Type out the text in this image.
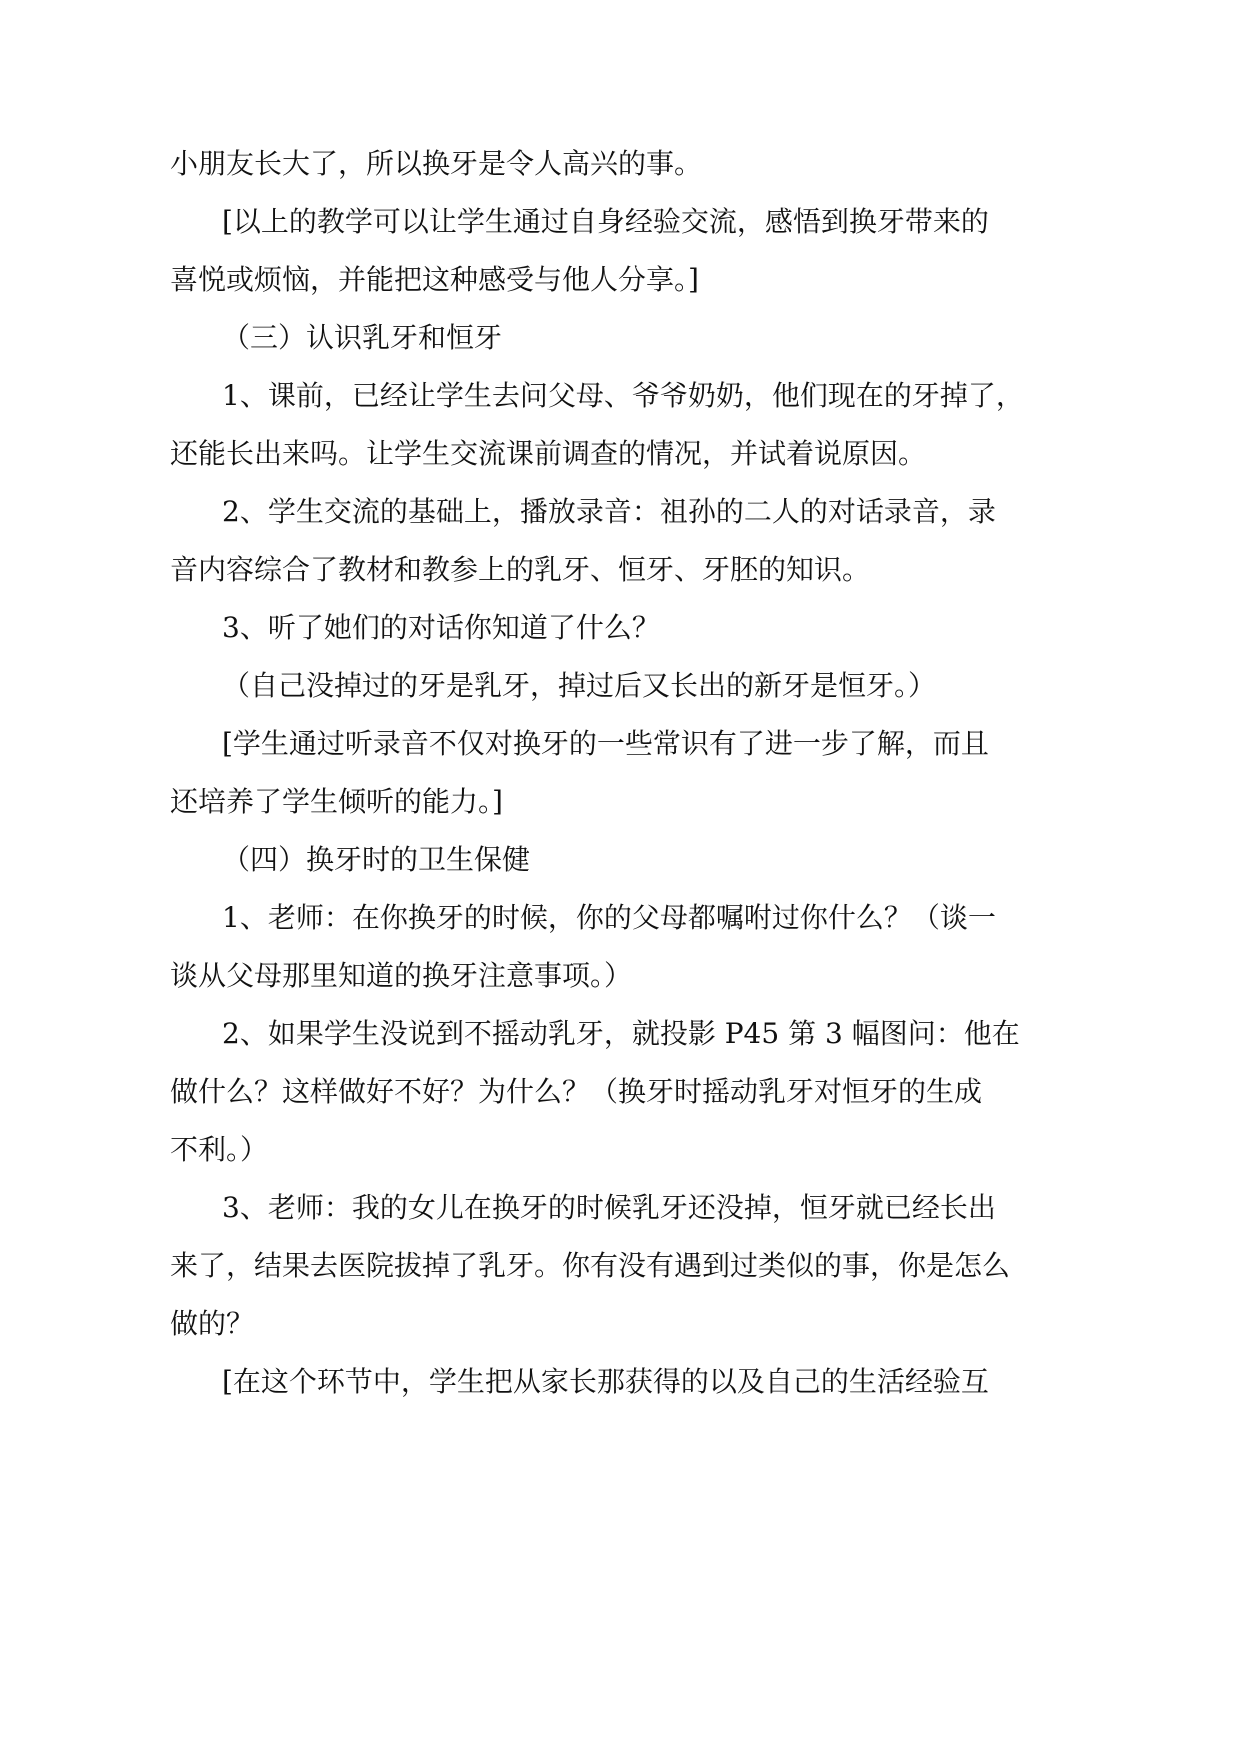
小朋友长大了，所以换牙是令人高兴的事。
[以上的教学可以让学生通过自身经验交流，感悟到换牙带来的
喜悦或烦恼，并能把这种感受与他人分享。]
（三）认识乳牙和恒牙
1、课前，已经让学生去问父母、爷爷奶奶，他们现在的牙掉了，
还能长出来吗。让学生交流课前调查的情况，并试着说原因。
2、学生交流的基础上，播放录音：祖孙的二人的对话录音，录
音内容综合了教材和教参上的乳牙、恒牙、牙胚的知识。
3、听了她们的对话你知道了什么？
（自己没掉过的牙是乳牙，掉过后又长出的新牙是恒牙。）
[学生通过听录音不仅对换牙的一些常识有了进一步了解，而且
还培养了学生倾听的能力。]
（四）换牙时的卫生保健
1、老师：在你换牙的时候，你的父母都嘱咐过你什么？（谈一
谈从父母那里知道的换牙注意事项。）
2、如果学生没说到不摇动乳牙，就投影 P45 第 3 幅图问：他在
做什么？这样做好不好？为什么？（换牙时摇动乳牙对恒牙的生成
不利。）
3、老师：我的女儿在换牙的时候乳牙还没掉，恒牙就已经长出
来了，结果去医院拔掉了乳牙。你有没有遇到过类似的事，你是怎么
做的？
[在这个环节中，学生把从家长那获得的以及自己的生活经验互
